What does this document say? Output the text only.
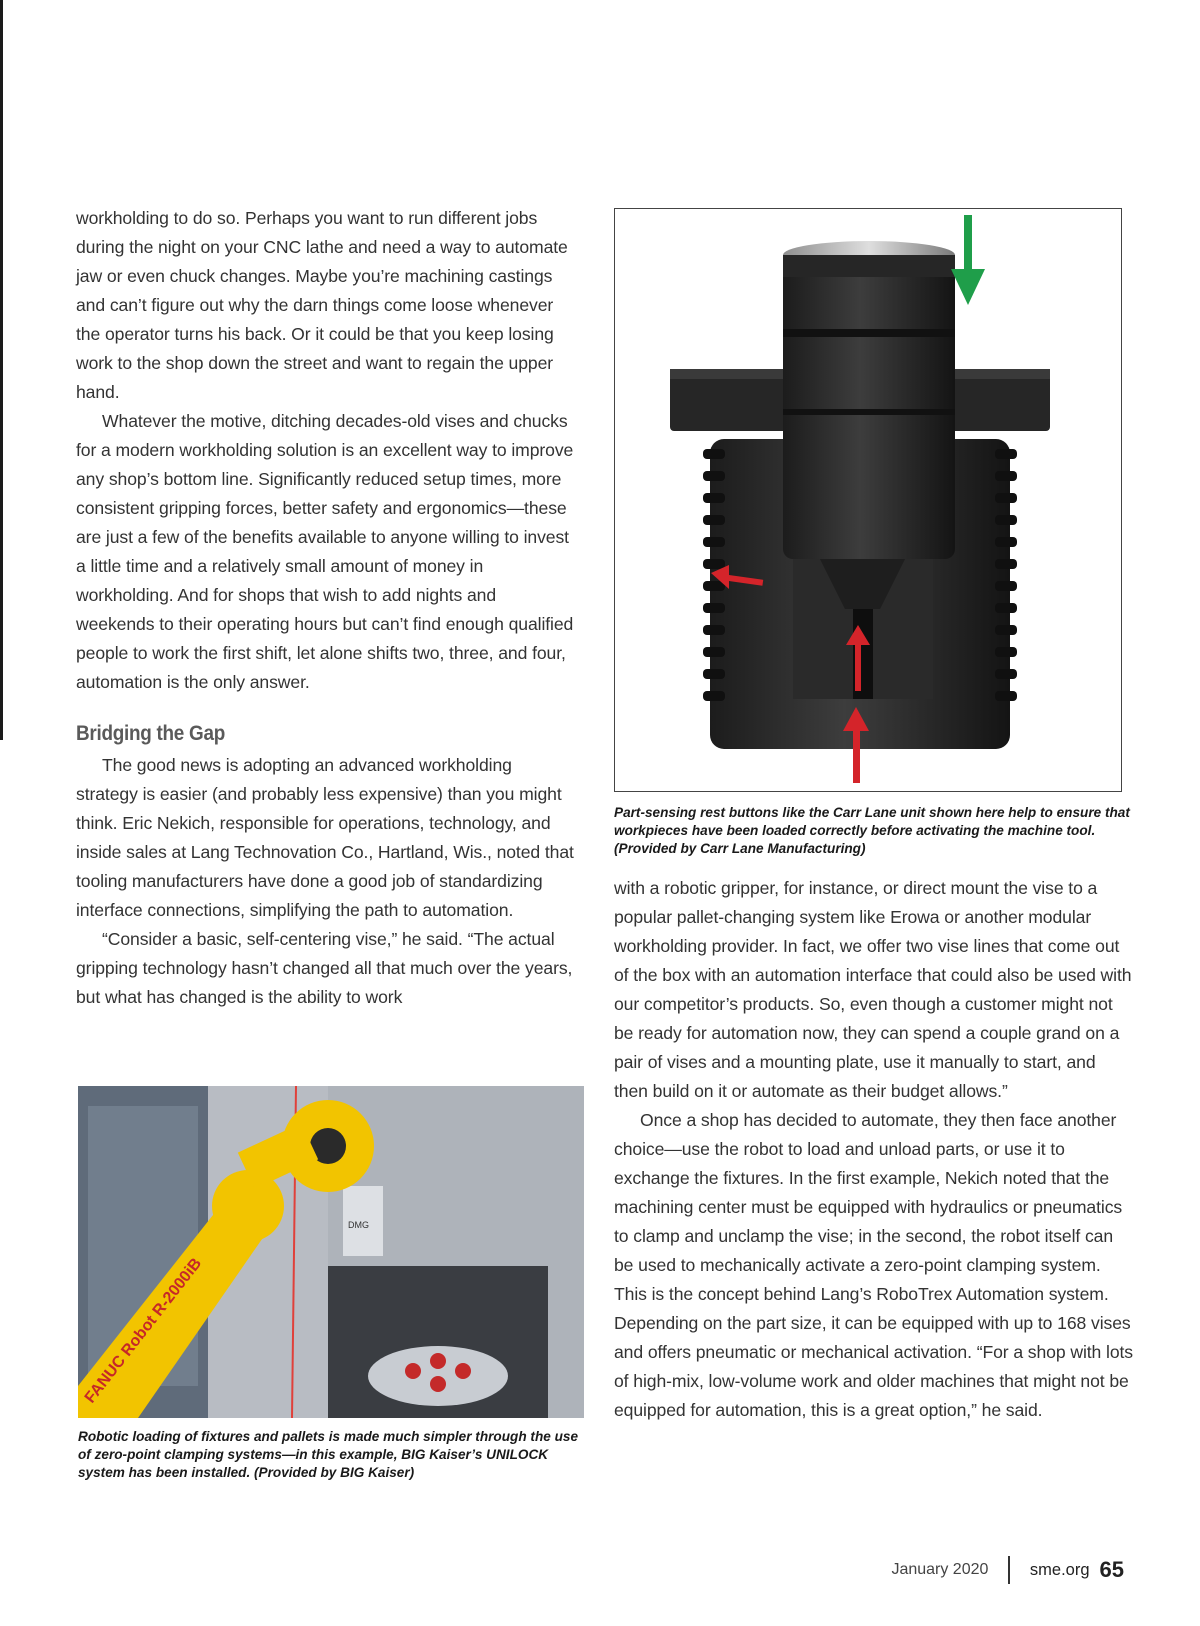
workholding to do so. Perhaps you want to run different jobs during the night on your CNC lathe and need a way to automate jaw or even chuck changes. Maybe you’re machining castings and can’t figure out why the darn things come loose whenever the operator turns his back. Or it could be that you keep losing work to the shop down the street and want to regain the upper hand.

Whatever the motive, ditching decades-old vises and chucks for a modern workholding solution is an excellent way to improve any shop’s bottom line. Significantly reduced setup times, more consistent gripping forces, better safety and ergonomics—these are just a few of the benefits available to anyone willing to invest a little time and a relatively small amount of money in workholding. And for shops that wish to add nights and weekends to their operating hours but can’t find enough qualified people to work the first shift, let alone shifts two, three, and four, automation is the only answer.

Bridging the Gap

The good news is adopting an advanced workholding strategy is easier (and probably less expensive) than you might think. Eric Nekich, responsible for operations, technology, and inside sales at Lang Technovation Co., Hartland, Wis., noted that tooling manufacturers have done a good job of standardizing interface connections, simplifying the path to automation.

“Consider a basic, self-centering vise,” he said. “The actual gripping technology hasn’t changed all that much over the years, but what has changed is the ability to work

Part-sensing rest buttons like the Carr Lane unit shown here help to ensure that workpieces have been loaded correctly before activating the machine tool. (Provided by Carr Lane Manufacturing)

with a robotic gripper, for instance, or direct mount the vise to a popular pallet-changing system like Erowa or another modular workholding provider. In fact, we offer two vise lines that come out of the box with an automation interface that could also be used with our competitor’s products. So, even though a customer might not be ready for automation now, they can spend a couple grand on a pair of vises and a mounting plate, use it manually to start, and then build on it or automate as their budget allows.”

Once a shop has decided to automate, they then face another choice—use the robot to load and unload parts, or use it to exchange the fixtures. In the first example, Nekich noted that the machining center must be equipped with hydraulics or pneumatics to clamp and unclamp the vise; in the second, the robot itself can be used to mechanically activate a zero-point clamping system. This is the concept behind Lang’s RoboTrex Automation system. Depending on the part size, it can be equipped with up to 168 vises and offers pneumatic or mechanical activation. “For a shop with lots of high-mix, low-volume work and older machines that might not be equipped for automation, this is a great option,” he said.

DMG
FANUC Robot R-2000iB

Robotic loading of fixtures and pallets is made much simpler through the use of zero-point clamping systems—in this example, BIG Kaiser’s UNILOCK system has been installed. (Provided by BIG Kaiser)

January 2020	sme.org 65
